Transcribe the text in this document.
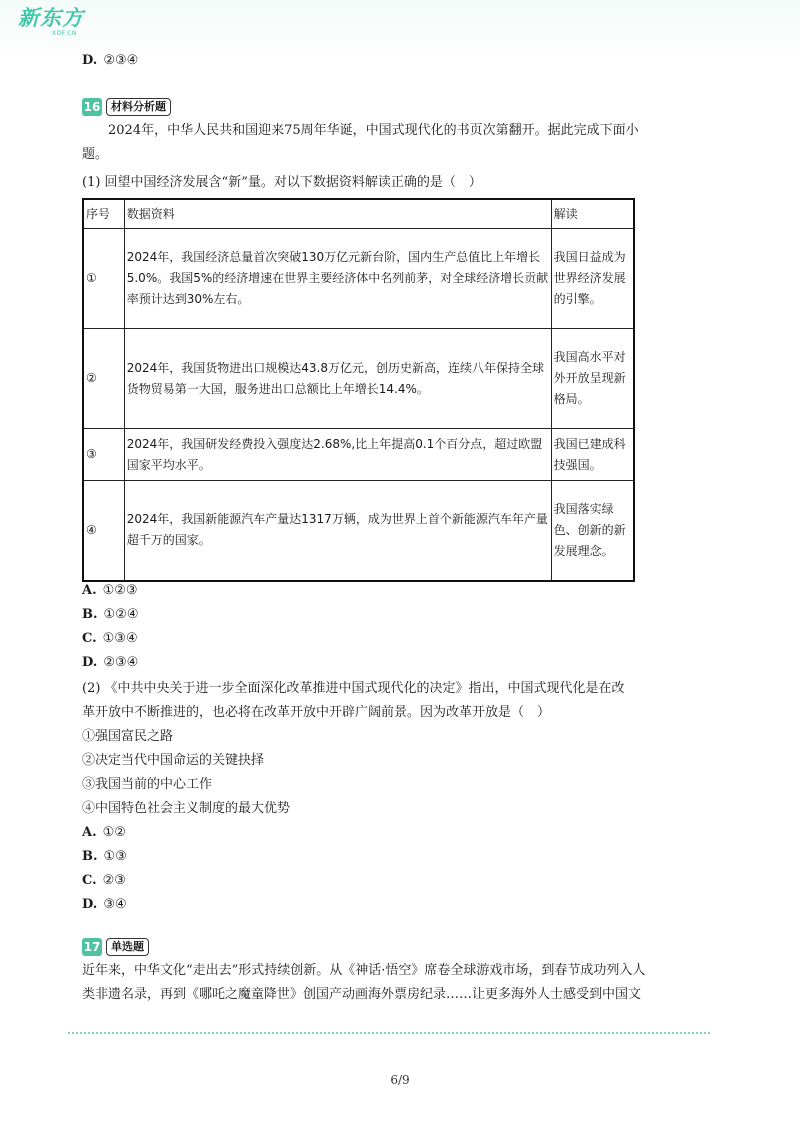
新东方
XDF.CN
D. ②③④
16 材料分析题
2024年，中华人民共和国迎来75周年华诞，中国式现代化的书页次第翻开。据此完成下面小
题。
(1) 回望中国经济发展含“新”量。对以下数据资料解读正确的是（　）
序号	数据资料	解读
①	2024年，我国经济总量首次突破130万亿元新台阶，国内生产总值比上年增长5.0%。我国5%的经济增速在世界主要经济体中名列前茅，对全球经济增长贡献率预计达到30%左右。	我国日益成为世界经济发展的引擎。
②	2024年，我国货物进出口规模达43.8万亿元，创历史新高，连续八年保持全球货物贸易第一大国，服务进出口总额比上年增长14.4%。	我国高水平对外开放呈现新格局。
③	2024年，我国研发经费投入强度达2.68%,比上年提高0.1个百分点，超过欧盟国家平均水平。	我国已建成科技强国。
④	2024年，我国新能源汽车产量达1317万辆，成为世界上首个新能源汽车年产量超千万的国家。	我国落实绿色、创新的新发展理念。
A. ①②③
B. ①②④
C. ①③④
D. ②③④
(2) 《中共中央关于进一步全面深化改革推进中国式现代化的决定》指出，中国式现代化是在改
革开放中不断推进的，也必将在改革开放中开辟广阔前景。因为改革开放是（　）
①强国富民之路
②决定当代中国命运的关键抉择
③我国当前的中心工作
④中国特色社会主义制度的最大优势
A. ①②
B. ①③
C. ②③
D. ③④
17 单选题
近年来，中华文化“走出去”形式持续创新。从《神话·悟空》席卷全球游戏市场，到春节成功列入人
类非遗名录，再到《哪吒之魔童降世》创国产动画海外票房纪录……让更多海外人士感受到中国文
6/9
